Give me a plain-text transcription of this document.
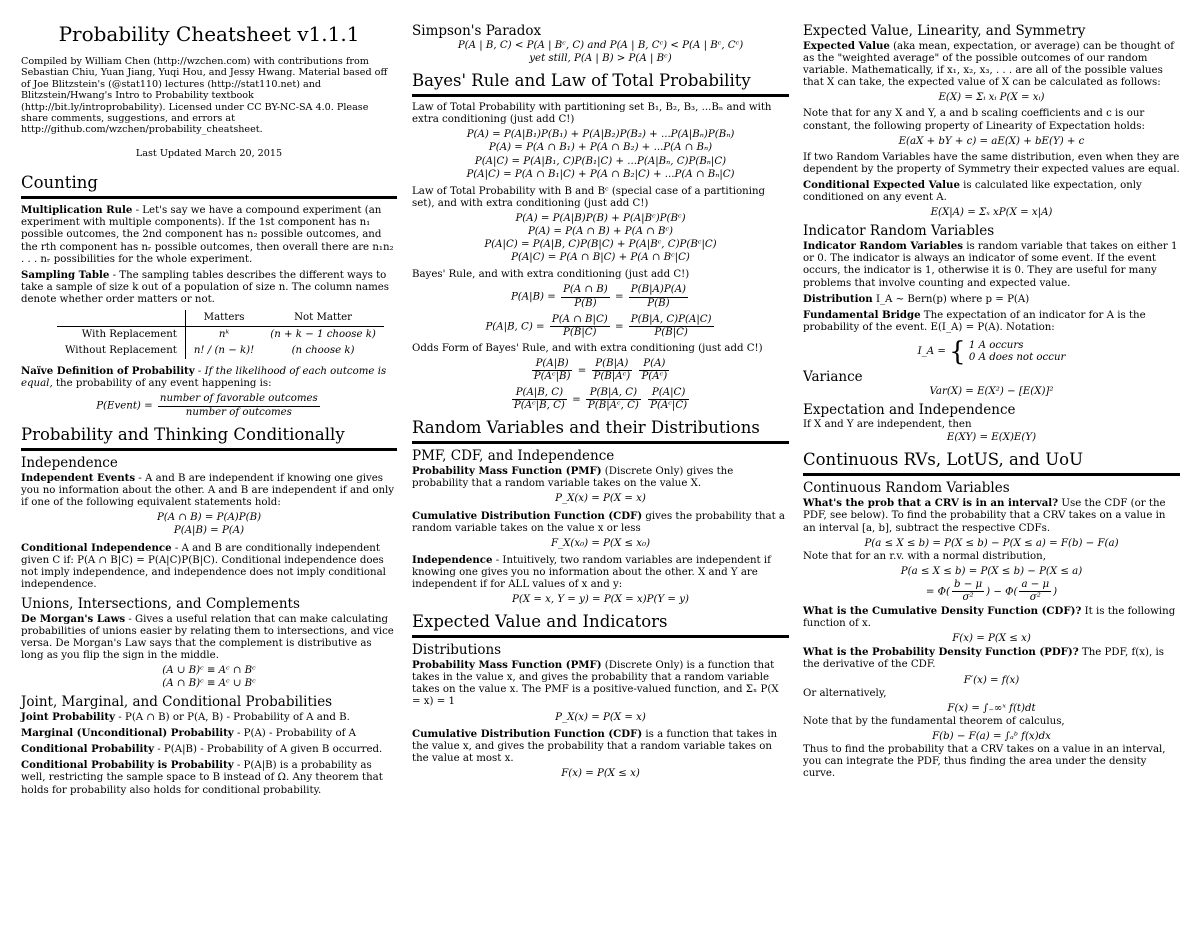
Probability Cheatsheet v1.1.1

Compiled by William Chen (http://wzchen.com) with contributions from Sebastian Chiu, Yuan Jiang, Yuqi Hou, and Jessy Hwang. Material based off of Joe Blitzstein's (@stat110) lectures (http://stat110.net) and Blitzstein/Hwang's Intro to Probability textbook (http://bit.ly/introprobability). Licensed under CC BY-NC-SA 4.0. Please share comments, suggestions, and errors at http://github.com/wzchen/probability_cheatsheet.

Last Updated March 20, 2015

Counting

Multiplication Rule - Let's say we have a compound experiment (an experiment with multiple components). If the 1st component has n₁ possible outcomes, the 2nd component has n₂ possible outcomes, and the rth component has nᵣ possible outcomes, then overall there are n₁n₂ . . . nᵣ possibilities for the whole experiment.

Sampling Table - The sampling tables describes the different ways to take a sample of size k out of a population of size n. The column names denote whether order matters or not.

	Matters	Not Matter
With Replacement	nᵏ	(n + k − 1 choose k)
Without Replacement	n! / (n − k)!	(n choose k)

Naïve Definition of Probability - If the likelihood of each outcome is equal, the probability of any event happening is:

P(Event) = $\frac{\text{number of favorable outcomes}}{\text{number of outcomes}}$
Probability and Thinking Conditionally
Independence

Independent Events - A and B are independent if knowing one gives you no information about the other. A and B are independent if and only if one of the following equivalent statements hold:

P(A ∩ B) = P(A)P(B)
P(A|B) = P(A)

Conditional Independence - A and B are conditionally independent given C if: P(A ∩ B|C) = P(A|C)P(B|C). Conditional independence does not imply independence, and independence does not imply conditional independence.

Unions, Intersections, and Complements

De Morgan's Laws - Gives a useful relation that can make calculating probabilities of unions easier by relating them to intersections, and vice versa. De Morgan's Law says that the complement is distributive as long as you flip the sign in the middle.

(A ∪ B)ᶜ ≡ Aᶜ ∩ Bᶜ
(A ∩ B)ᶜ ≡ Aᶜ ∪ Bᶜ
Joint, Marginal, and Conditional Probabilities

Joint Probability - P(A ∩ B) or P(A, B) - Probability of A and B.

Marginal (Unconditional) Probability - P(A) - Probability of A

Conditional Probability - P(A|B) - Probability of A given B occurred.

Conditional Probability is Probability - P(A|B) is a probability as well, restricting the sample space to B instead of Ω. Any theorem that holds for probability also holds for conditional probability.

Simpson's Paradox
P(A | B, C) < P(A | Bᶜ, C) and P(A | B, Cᶜ) < P(A | Bᶜ, Cᶜ)
yet still, P(A | B) > P(A | Bᶜ)
Bayes' Rule and Law of Total Probability

Law of Total Probability with partitioning set B₁, B₂, B₃, ...Bₙ and with extra conditioning (just add C!)

P(A) = P(A|B₁)P(B₁) + P(A|B₂)P(B₂) + ...P(A|Bₙ)P(Bₙ)
P(A) = P(A ∩ B₁) + P(A ∩ B₂) + ...P(A ∩ Bₙ)
P(A|C) = P(A|B₁, C)P(B₁|C) + ...P(A|Bₙ, C)P(Bₙ|C)
P(A|C) = P(A ∩ B₁|C) + P(A ∩ B₂|C) + ...P(A ∩ Bₙ|C)

Law of Total Probability with B and Bᶜ (special case of a partitioning set), and with extra conditioning (just add C!)

P(A) = P(A|B)P(B) + P(A|Bᶜ)P(Bᶜ)
P(A) = P(A ∩ B) + P(A ∩ Bᶜ)
P(A|C) = P(A|B, C)P(B|C) + P(A|Bᶜ, C)P(Bᶜ|C)
P(A|C) = P(A ∩ B|C) + P(A ∩ Bᶜ|C)

Bayes' Rule, and with extra conditioning (just add C!)

$P(A|B) = \frac{P(A \cap B)}{P(B)} = \frac{P(B|A)P(A)}{P(B)}$
P(A|B, $C) = \frac{P(A \cap B|C)}{P(B|C)} = \frac{P(B|A, C)P(A|C)}{P(B|C)}$

Odds Form of Bayes' Rule, and with extra conditioning (just add C!)

$\frac{P(A|B)}{\text{P(Aᶜ|B)}} = \frac{P(B|A)}{\text{P(B|Aᶜ)}}$
$\frac{P(A)}{\text{P(Aᶜ)}}$
$\frac{P(A|B, C)}{\text{P(Aᶜ|B, C)}} = \frac{P(B|A, C)}{\text{P(B|Aᶜ, C)}}$
$\frac{P(A|C)}{\text{P(Aᶜ|C)}}$
Random Variables and their Distributions
PMF, CDF, and Independence

Probability Mass Function (PMF) (Discrete Only) gives the probability that a random variable takes on the value X.

P_X(x) = P(X = x)

Cumulative Distribution Function (CDF) gives the probability that a random variable takes on the value x or less

F_X(x₀) = P(X ≤ x₀)

Independence - Intuitively, two random variables are independent if knowing one gives you no information about the other. X and Y are independent if for ALL values of x and y:

P(X = x, Y = y) = P(X = x)P(Y = y)
Expected Value and Indicators
Distributions

Probability Mass Function (PMF) (Discrete Only) is a function that takes in the value x, and gives the probability that a random variable takes on the value x. The PMF is a positive-valued function, and Σₓ P(X = x) = 1

P_X(x) = P(X = x)

Cumulative Distribution Function (CDF) is a function that takes in the value x, and gives the probability that a random variable takes on the value at most x.

F(x) = P(X ≤ x)
Expected Value, Linearity, and Symmetry

Expected Value (aka mean, expectation, or average) can be thought of as the "weighted average" of the possible outcomes of our random variable. Mathematically, if x₁, x₂, x₃, . . . are all of the possible values that X can take, the expected value of X can be calculated as follows:

E(X) = Σᵢ xᵢ P(X = xᵢ)

Note that for any X and Y, a and b scaling coefficients and c is our constant, the following property of Linearity of Expectation holds:

E(aX + bY + c) = aE(X) + bE(Y) + c

If two Random Variables have the same distribution, even when they are dependent by the property of Symmetry their expected values are equal.

Conditional Expected Value is calculated like expectation, only conditioned on any event A.

E(X|A) = Σₓ xP(X = x|A)
Indicator Random Variables

Indicator Random Variables is random variable that takes on either 1 or 0. The indicator is always an indicator of some event. If the event occurs, the indicator is 1, otherwise it is 0. They are useful for many problems that involve counting and expected value.

Distribution I_A ∼ Bern(p) where p = P(A)

Fundamental Bridge The expectation of an indicator for A is the probability of the event. E(I_A) = P(A). Notation:

I_A = { 1 A occurs
0 A does not occur
Variance
Var(X) = E(X²) − [E(X)]²
Expectation and Independence

If X and Y are independent, then

E(XY) = E(X)E(Y)
Continuous RVs, LotUS, and UoU
Continuous Random Variables

What's the prob that a CRV is in an interval? Use the CDF (or the PDF, see below). To find the probability that a CRV takes on a value in an interval [a, b], subtract the respective CDFs.

P(a ≤ X ≤ b) = P(X ≤ b) − P(X ≤ a) = F(b) − F(a)

Note that for an r.v. with a normal distribution,

P(a ≤ X ≤ b) = P(X ≤ b) − P(X ≤ a)
= $\Phi( \frac{b - \mu}{\text{σ²}}$ ) − $\Phi( \frac{a - \mu}{\text{σ²}}$ )

What is the Cumulative Density Function (CDF)? It is the following function of x.

F(x) = P(X ≤ x)

What is the Probability Density Function (PDF)? The PDF, f(x), is the derivative of the CDF.

F′(x) = f(x)

Or alternatively,

F(x) = ∫₋∞ˣ f(t)dt

Note that by the fundamental theorem of calculus,

F(b) − F(a) = ∫ₐᵇ f(x)dx

Thus to find the probability that a CRV takes on a value in an interval, you can integrate the PDF, thus finding the area under the density curve.
